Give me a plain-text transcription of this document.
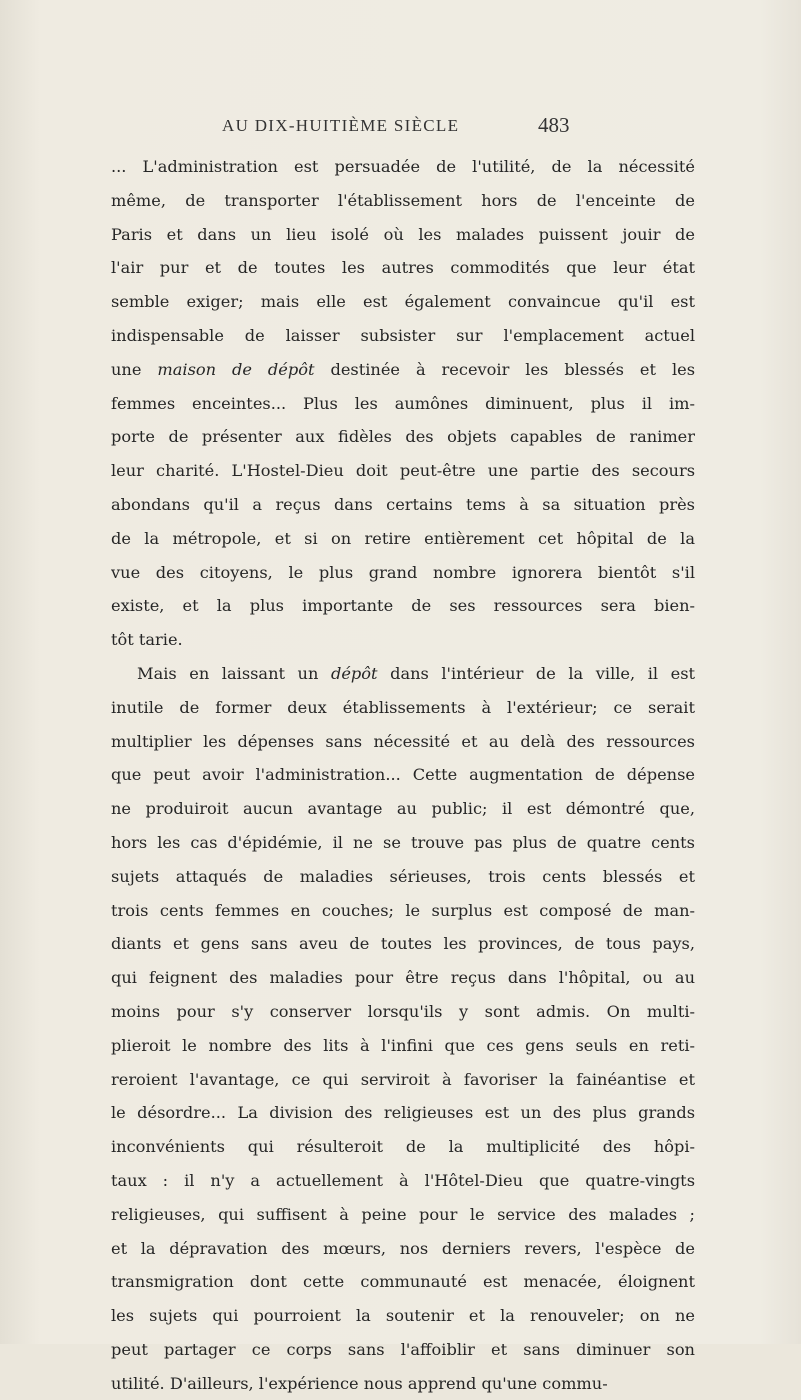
AU DIX-HUITIÈME SIÈCLE	483
... L'administration est persuadée de l'utilité, de la nécessité
même, de transporter l'établissement hors de l'enceinte de
Paris et dans un lieu isolé où les malades puissent jouir de
l'air pur et de toutes les autres commodités que leur état
semble exiger; mais elle est également convaincue qu'il est
indispensable de laisser subsister sur l'emplacement actuel
une maison de dépôt destinée à recevoir les blessés et les
femmes enceintes... Plus les aumônes diminuent, plus il im-
porte de présenter aux fidèles des objets capables de ranimer
leur charité. L'Hostel-Dieu doit peut-être une partie des secours
abondans qu'il a reçus dans certains tems à sa situation près
de la métropole, et si on retire entièrement cet hôpital de la
vue des citoyens, le plus grand nombre ignorera bientôt s'il
existe, et la plus importante de ses ressources sera bien-
tôt tarie.
Mais en laissant un dépôt dans l'intérieur de la ville, il est
inutile de former deux établissements à l'extérieur; ce serait
multiplier les dépenses sans nécessité et au delà des ressources
que peut avoir l'administration... Cette augmentation de dépense
ne produiroit aucun avantage au public; il est démontré que,
hors les cas d'épidémie, il ne se trouve pas plus de quatre cents
sujets attaqués de maladies sérieuses, trois cents blessés et
trois cents femmes en couches; le surplus est composé de man-
diants et gens sans aveu de toutes les provinces, de tous pays,
qui feignent des maladies pour être reçus dans l'hôpital, ou au
moins pour s'y conserver lorsqu'ils y sont admis. On multi-
plieroit le nombre des lits à l'infini que ces gens seuls en reti-
reroient l'avantage, ce qui serviroit à favoriser la fainéantise et
le désordre... La division des religieuses est un des plus grands
inconvénients qui résulteroit de la multiplicité des hôpi-
taux : il n'y a actuellement à l'Hôtel-Dieu que quatre-vingts
religieuses, qui suffisent à peine pour le service des malades ;
et la dépravation des mœurs, nos derniers revers, l'espèce de
transmigration dont cette communauté est menacée, éloignent
les sujets qui pourroient la soutenir et la renouveler; on ne
peut partager ce corps sans l'affoiblir et sans diminuer son
utilité. D'ailleurs, l'expérience nous apprend qu'une commu-
